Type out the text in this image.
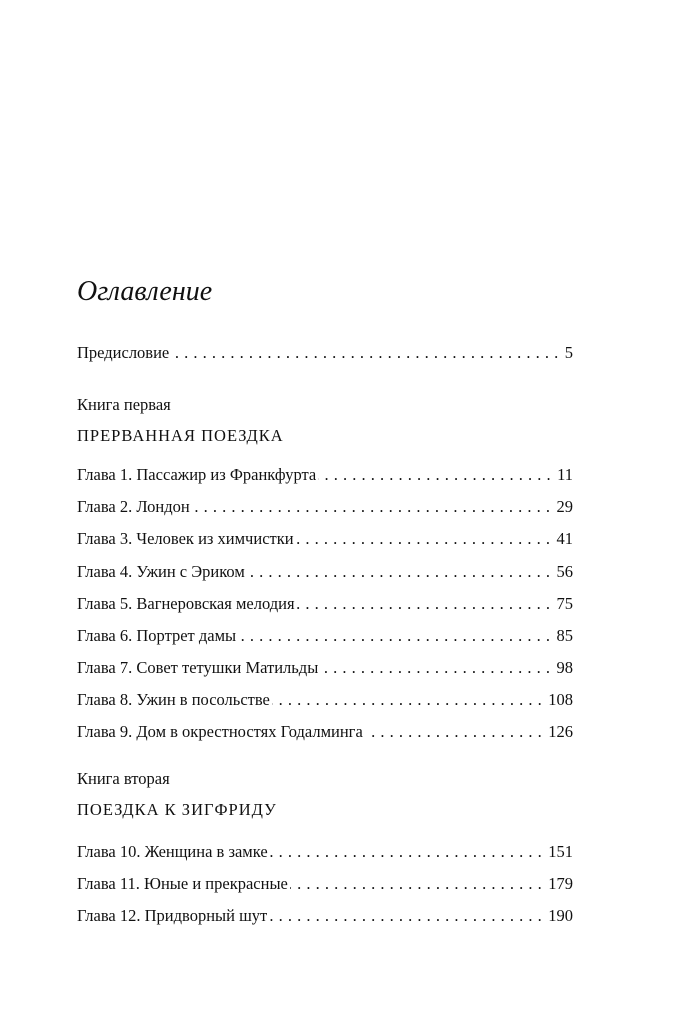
Оглавление
Предисловие . . .	5
Книга первая
ПРЕРВАННАЯ ПОЕЗДКА
Глава 1. Пассажир из Франкфурта . . .	11
Глава 2. Лондон . . .	29
Глава 3. Человек из химчистки . . .	41
Глава 4. Ужин с Эриком . . .	56
Глава 5. Вагнеровская мелодия . . .	75
Глава 6. Портрет дамы . . .	85
Глава 7. Совет тетушки Матильды . . .	98
Глава 8. Ужин в посольстве . . .	108
Глава 9. Дом в окрестностях Годалминга . . .	126
Книга вторая
ПОЕЗДКА К ЗИГФРИДУ
Глава 10. Женщина в замке . . .	151
Глава 11. Юные и прекрасные . . .	179
Глава 12. Придворный шут . . .	190
